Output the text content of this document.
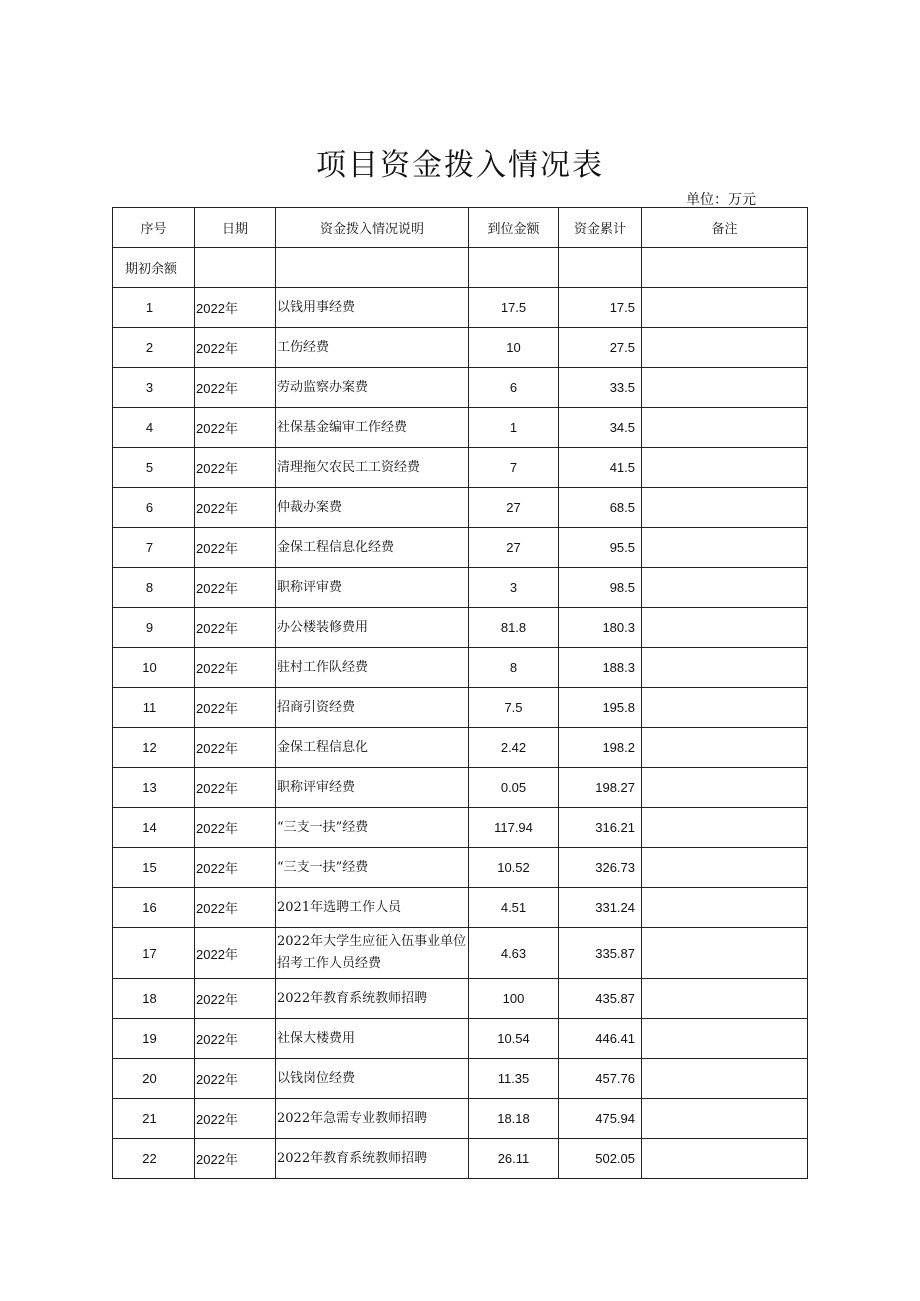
项目资金拨入情况表
单位：万元
序号	日期	资金拨入情况说明	到位金额	资金累计	备注
期初余额					
1	2022年	以钱用事经费	17.5	17.5	
2	2022年	工伤经费	10	27.5	
3	2022年	劳动监察办案费	6	33.5	
4	2022年	社保基金编审工作经费	1	34.5	
5	2022年	清理拖欠农民工工资经费	7	41.5	
6	2022年	仲裁办案费	27	68.5	
7	2022年	金保工程信息化经费	27	95.5	
8	2022年	职称评审费	3	98.5	
9	2022年	办公楼装修费用	81.8	180.3	
10	2022年	驻村工作队经费	8	188.3	
11	2022年	招商引资经费	7.5	195.8	
12	2022年	金保工程信息化	2.42	198.2	
13	2022年	职称评审经费	0.05	198.27	
14	2022年	“三支一扶”经费	117.94	316.21	
15	2022年	“三支一扶”经费	10.52	326.73	
16	2022年	2021年选聘工作人员	4.51	331.24	
17	2022年	2022年大学生应征入伍事业单位招考工作人员经费	4.63	335.87	
18	2022年	2022年教育系统教师招聘	100	435.87	
19	2022年	社保大楼费用	10.54	446.41	
20	2022年	以钱岗位经费	11.35	457.76	
21	2022年	2022年急需专业教师招聘	18.18	475.94	
22	2022年	2022年教育系统教师招聘	26.11	502.05	
